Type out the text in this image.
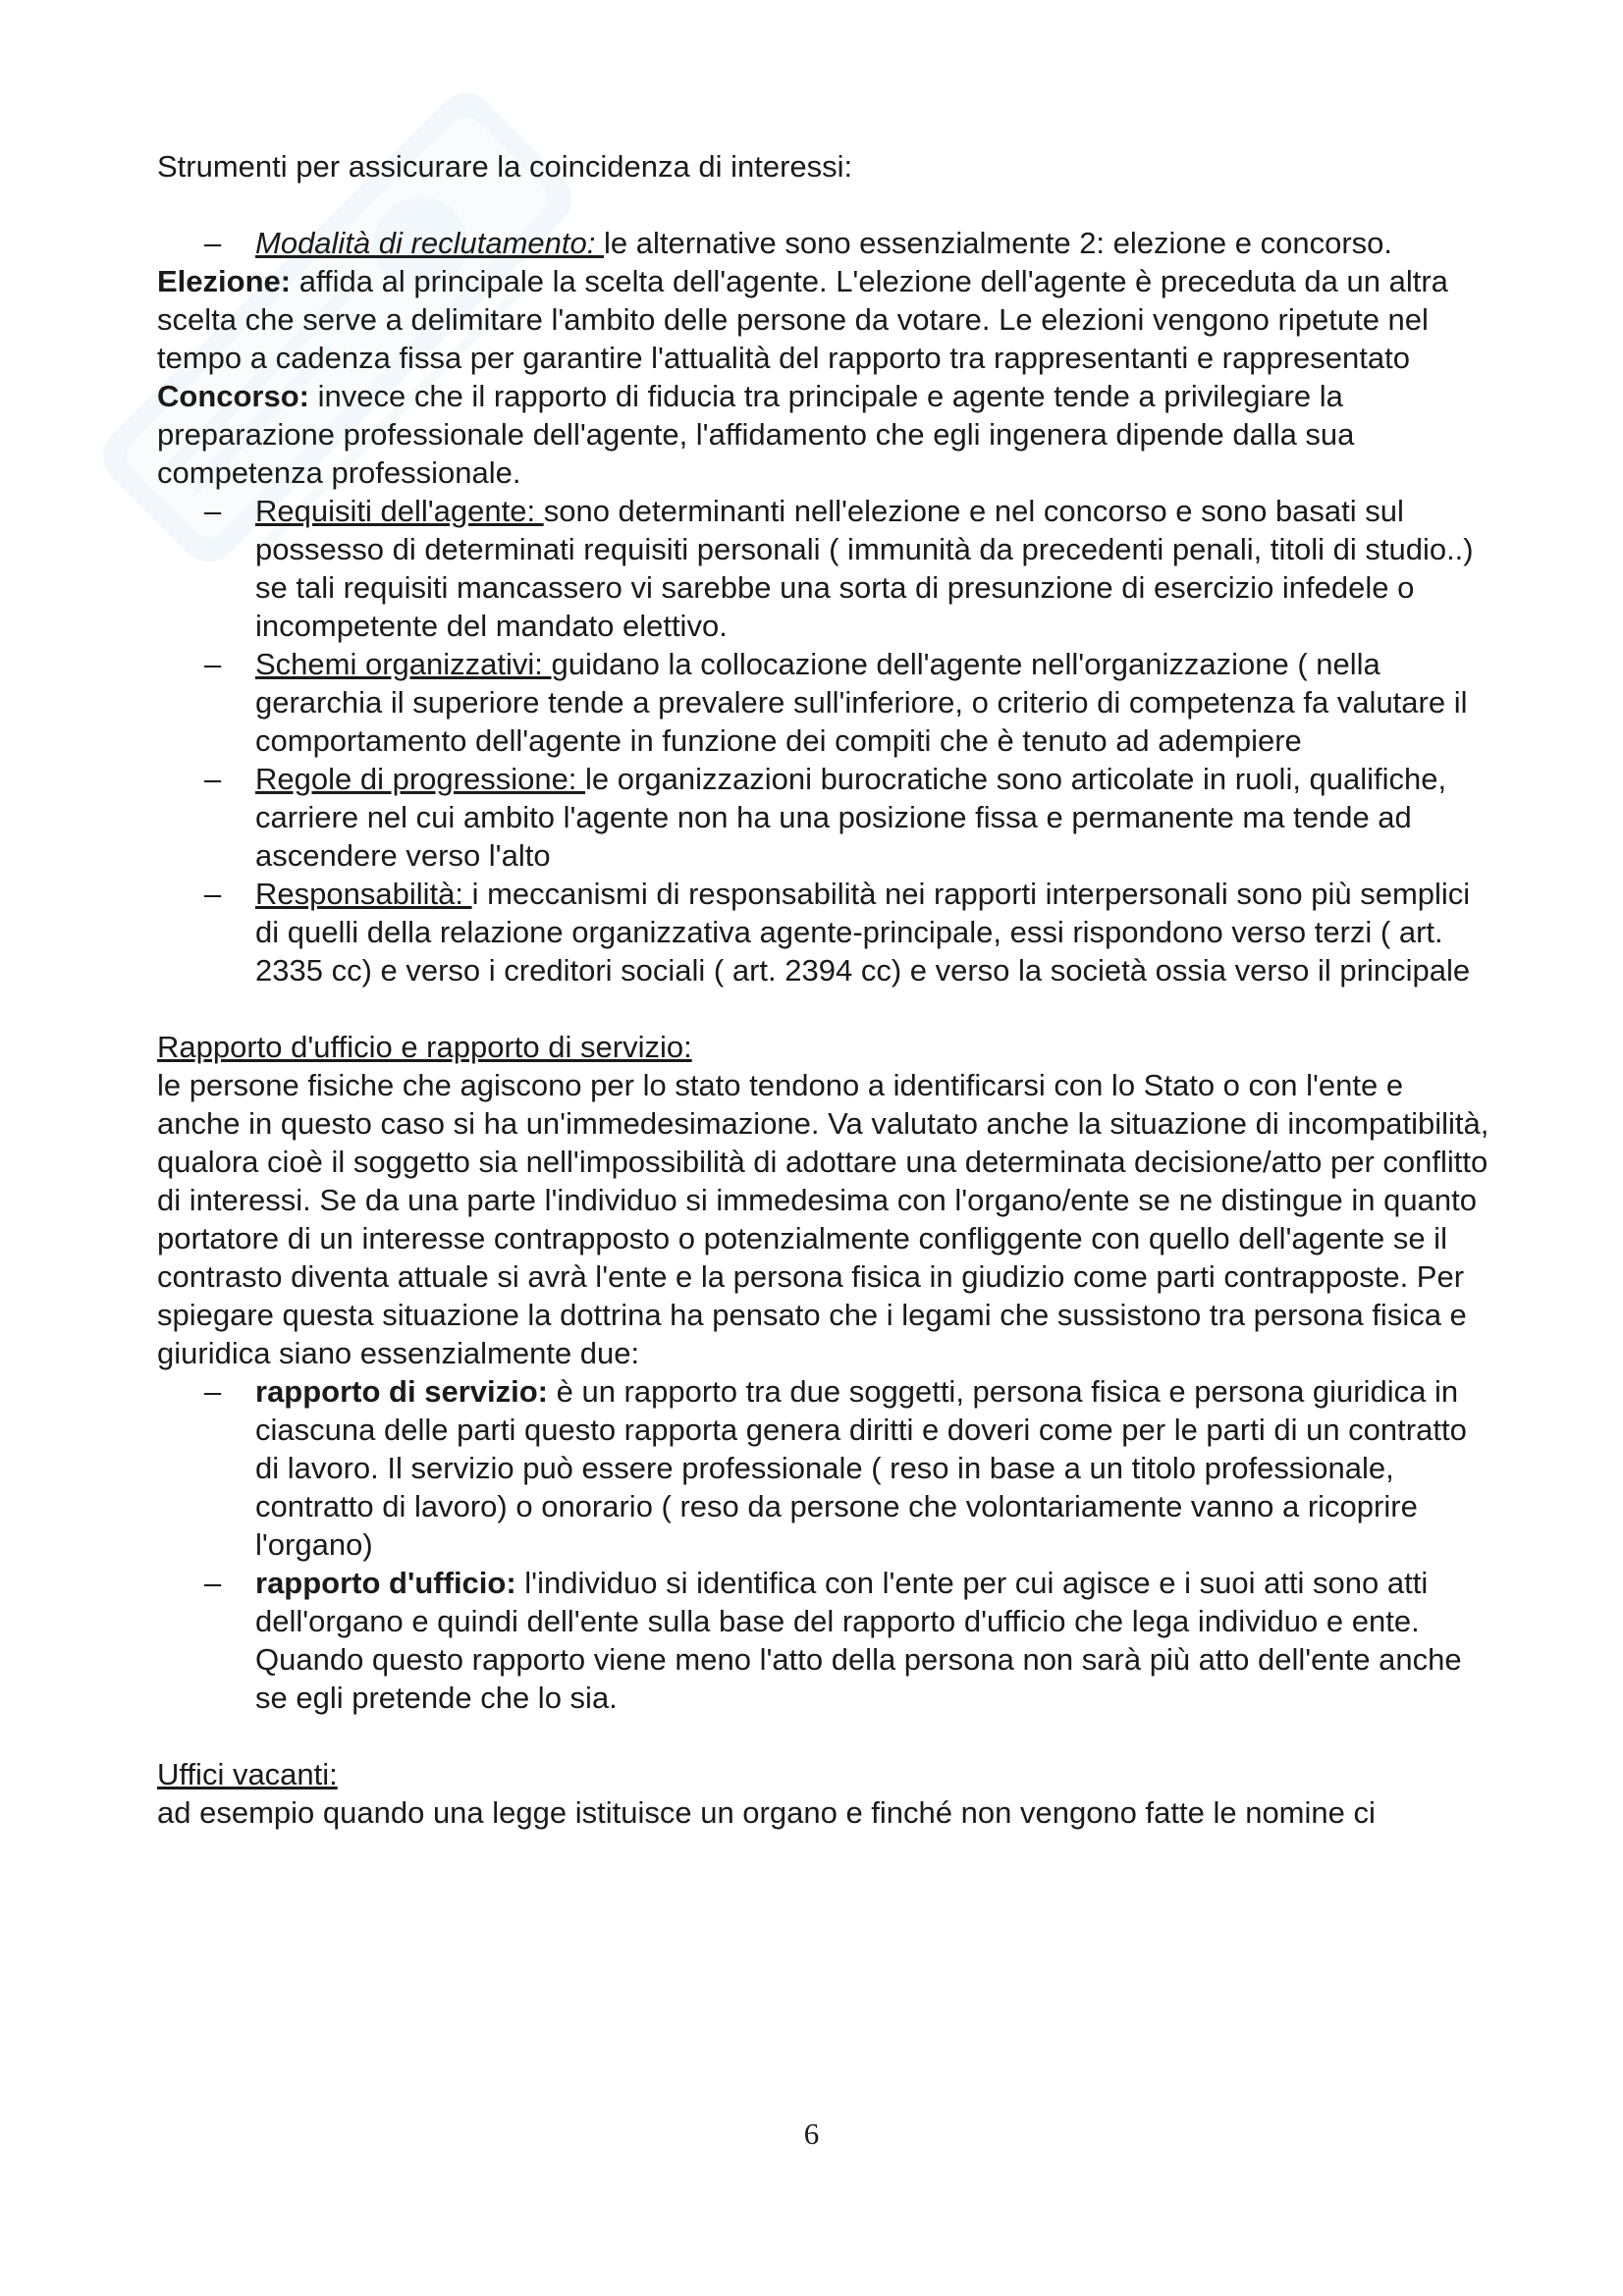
Strumenti per assicurare la coincidenza di interessi:

– Modalità di reclutamento: le alternative sono essenzialmente 2: elezione e concorso.

Elezione: affida al principale la scelta dell'agente. L'elezione dell'agente è preceduta da un altra scelta che serve a delimitare l'ambito delle persone da votare. Le elezioni vengono ripetute nel tempo a cadenza fissa per garantire l'attualità del rapporto tra rappresentanti e rappresentato

Concorso: invece che il rapporto di fiducia tra principale e agente tende a privilegiare la preparazione professionale dell'agente, l'affidamento che egli ingenera dipende dalla sua competenza professionale.

– Requisiti dell'agente: sono determinanti nell'elezione e nel concorso e sono basati sul possesso di determinati requisiti personali ( immunità da precedenti penali, titoli di studio..) se tali requisiti mancassero vi sarebbe una sorta di presunzione di esercizio infedele o incompetente del mandato elettivo.
– Schemi organizzativi: guidano la collocazione dell'agente nell'organizzazione ( nella gerarchia il superiore tende a prevalere sull'inferiore, o criterio di competenza fa valutare il comportamento dell'agente in funzione dei compiti che è tenuto ad adempiere
– Regole di progressione: le organizzazioni burocratiche sono articolate in ruoli, qualifiche, carriere nel cui ambito l'agente non ha una posizione fissa e permanente ma tende ad ascendere verso l'alto
– Responsabilità: i meccanismi di responsabilità nei rapporti interpersonali sono più semplici di quelli della relazione organizzativa agente-principale, essi rispondono verso terzi ( art. 2335 cc) e verso i creditori sociali ( art. 2394 cc) e verso la società ossia verso il principale

Rapporto d'ufficio e rapporto di servizio:

le persone fisiche che agiscono per lo stato tendono a identificarsi con lo Stato o con l'ente e anche in questo caso si ha un'immedesimazione. Va valutato anche la situazione di incompatibilità, qualora cioè il soggetto sia nell'impossibilità di adottare una determinata decisione/atto per conflitto di interessi. Se da una parte l'individuo si immedesima con l'organo/ente se ne distingue in quanto portatore di un interesse contrapposto o potenzialmente confliggente con quello dell'agente se il contrasto diventa attuale si avrà l'ente e la persona fisica in giudizio come parti contrapposte. Per spiegare questa situazione la dottrina ha pensato che i legami che sussistono tra persona fisica e giuridica siano essenzialmente due:

– rapporto di servizio: è un rapporto tra due soggetti, persona fisica e persona giuridica in ciascuna delle parti questo rapporta genera diritti e doveri come per le parti di un contratto di lavoro. Il servizio può essere professionale ( reso in base a un titolo professionale, contratto di lavoro) o onorario ( reso da persone che volontariamente vanno a ricoprire l'organo)
– rapporto d'ufficio: l'individuo si identifica con l'ente per cui agisce e i suoi atti sono atti dell'organo e quindi dell'ente sulla base del rapporto d'ufficio che lega individuo e ente. Quando questo rapporto viene meno l'atto della persona non sarà più atto dell'ente anche se egli pretende che lo sia.

Uffici vacanti:

ad esempio quando una legge istituisce un organo e finché non vengono fatte le nomine ci

6
